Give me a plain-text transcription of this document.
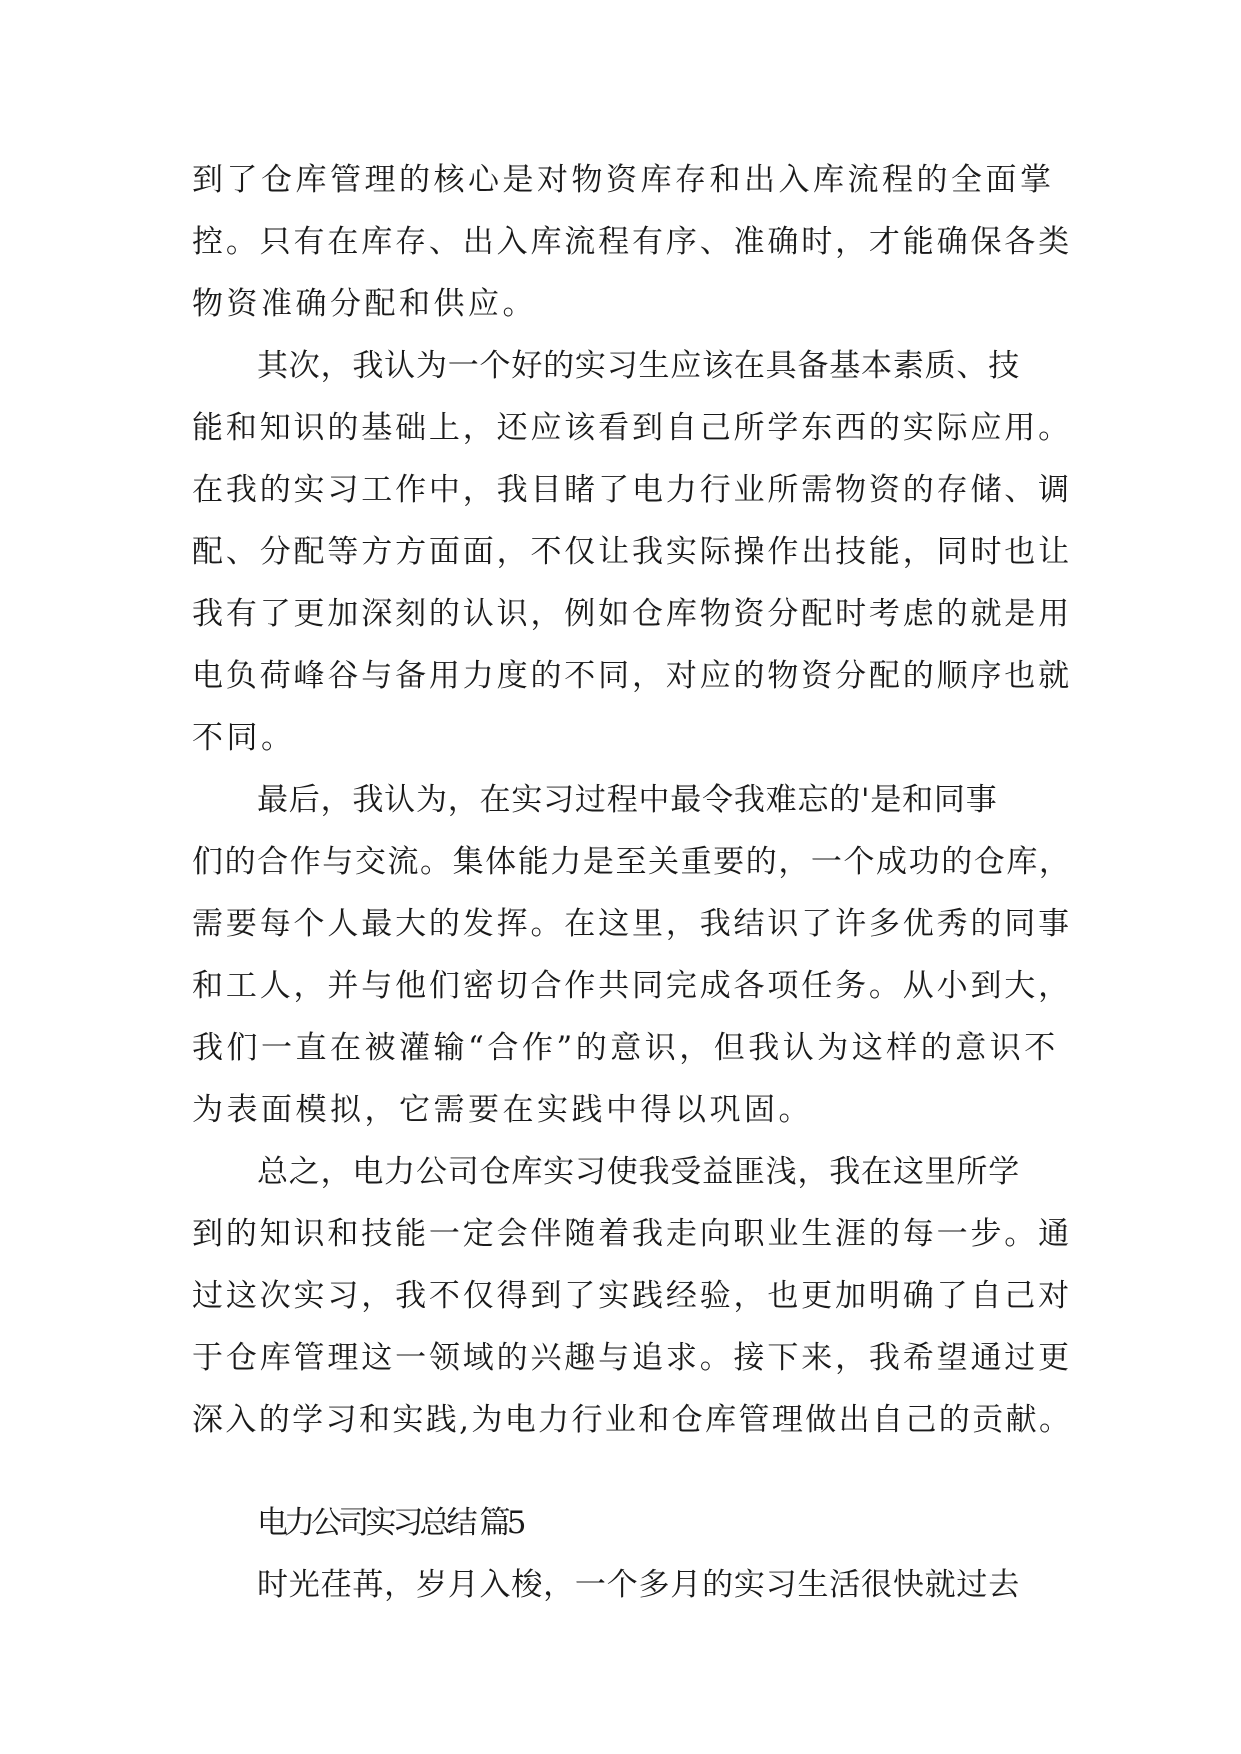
到了仓库管理的核心是对物资库存和出入库流程的全面掌
控。只有在库存、出入库流程有序、准确时，才能确保各类
物资准确分配和供应。
其次，我认为一个好的实习生应该在具备基本素质、技
能和知识的基础上，还应该看到自己所学东西的实际应用。
在我的实习工作中，我目睹了电力行业所需物资的存储、调
配、分配等方方面面，不仅让我实际操作出技能，同时也让
我有了更加深刻的认识，例如仓库物资分配时考虑的就是用
电负荷峰谷与备用力度的不同，对应的物资分配的顺序也就
不同。
最后，我认为，在实习过程中最令我难忘的'是和同事
们的合作与交流。集体能力是至关重要的，一个成功的仓库，
需要每个人最大的发挥。在这里，我结识了许多优秀的同事
和工人，并与他们密切合作共同完成各项任务。从小到大，
我们一直在被灌输“合作”的意识，但我认为这样的意识不
为表面模拟，它需要在实践中得以巩固。
总之，电力公司仓库实习使我受益匪浅，我在这里所学
到的知识和技能一定会伴随着我走向职业生涯的每一步。通
过这次实习，我不仅得到了实践经验，也更加明确了自己对
于仓库管理这一领域的兴趣与追求。接下来，我希望通过更
深入的学习和实践,为电力行业和仓库管理做出自己的贡献。
电力公司实习总结 篇5
时光荏苒，岁月入梭，一个多月的实习生活很快就过去
